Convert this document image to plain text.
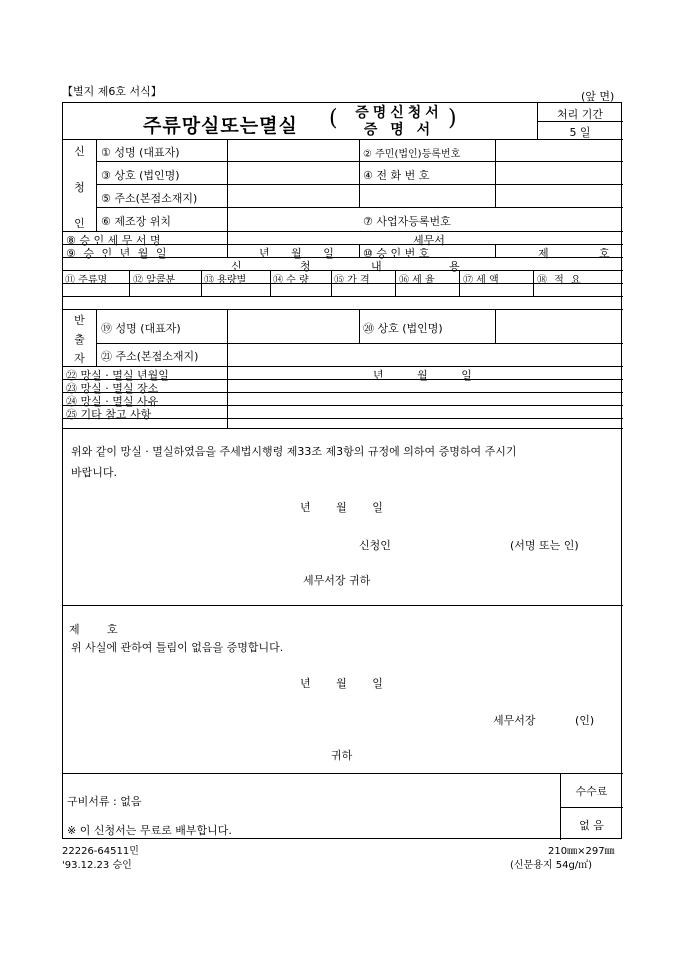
【별지 제6호 서식】	(앞 면)
주류망실또는멸실 ( 증명신청서
증 명 서 )	처리 기간
5 일
신
청
인
① 성명 (대표자)	② 주민(법인)등록번호
③ 상호 (법인명)	④ 전 화 번 호
⑤ 주소(본점소재지)
⑥ 제조장 위치	⑦ 사업자등록번호
⑧ 승 인 세 무 서 명	세무서
⑨ 승 인 년 월 일	년 월 일	⑩ 승 인 번 호	제	호
신	청	내	용
⑪ 주류명	⑫ 알콜분	⑬ 용량별	⑭ 수 량	⑮ 가 격	⑯ 세 율	⑰ 세 액	⑱ 적 요
반
출
자
⑲ 성명 (대표자)	⑳ 상호 (법인명)
㉑ 주소(본점소재지)
㉒ 망실 · 멸실 년월일	년 월 일
㉓ 망실 · 멸실 장소
㉔ 망실 · 멸실 사유
㉕ 기타 참고 사항
위와 같이 망실 · 멸실하였음을 주세법시행령 제33조 제3항의 규정에 의하여 증명하여 주시기
바랍니다.
년 월 일
신청인	(서명 또는 인)
세무서장 귀하
제 호
위 사실에 관하여 틀림이 없음을 증명합니다.
년 월 일
세무서장	(인)
귀하
구비서류 : 없음
※ 이 신청서는 무료로 배부합니다.
수수료
없 음
22226-64511민
'93.12.23 승인
210㎜×297㎜
(신문용지 54g/㎡)
